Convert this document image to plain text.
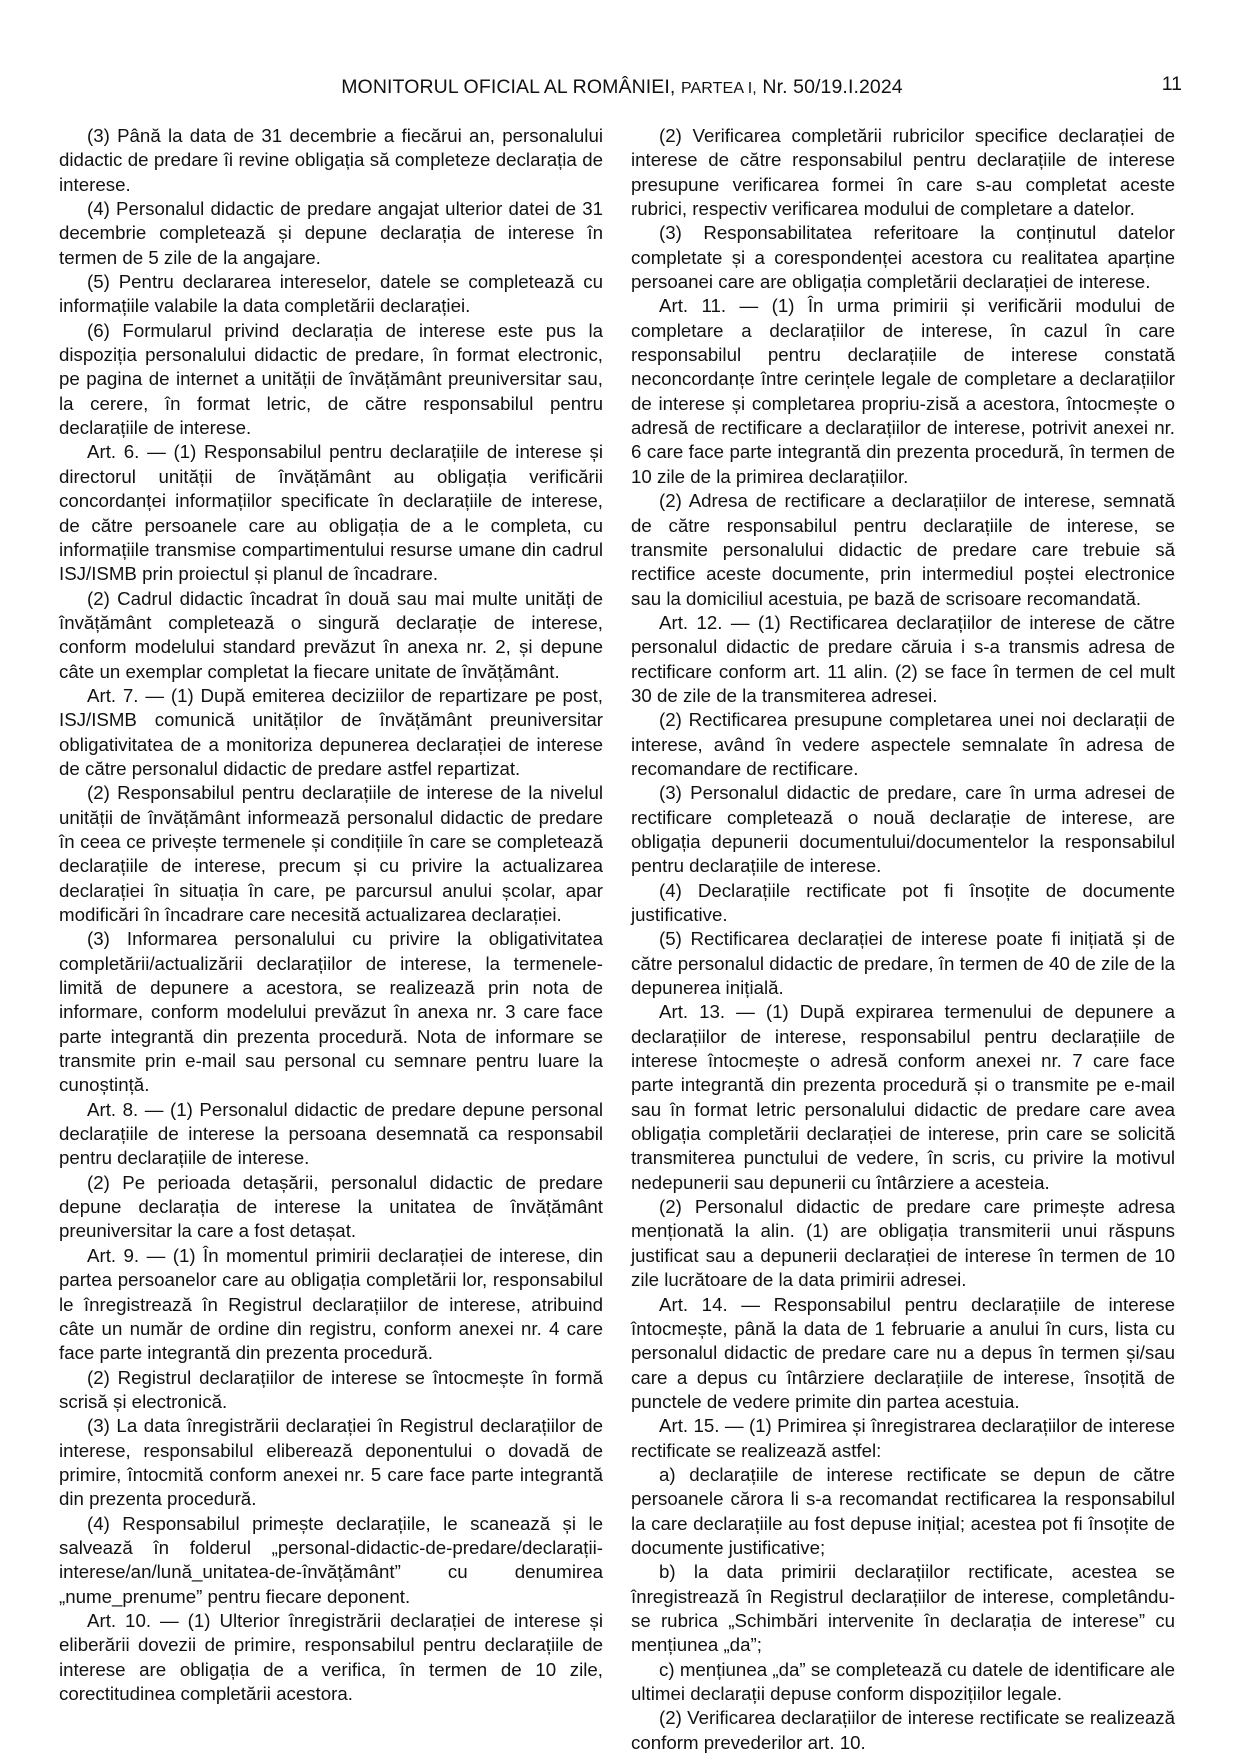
MONITORUL OFICIAL AL ROMÂNIEI, PARTEA I, Nr. 50/19.I.2024	11

(3) Până la data de 31 decembrie a fiecărui an, personalului didactic de predare îi revine obligația să completeze declarația de interese.

(4) Personalul didactic de predare angajat ulterior datei de 31 decembrie completează și depune declarația de interese în termen de 5 zile de la angajare.

(5) Pentru declararea intereselor, datele se completează cu informațiile valabile la data completării declarației.

(6) Formularul privind declarația de interese este pus la dispoziția personalului didactic de predare, în format electronic, pe pagina de internet a unității de învățământ preuniversitar sau, la cerere, în format letric, de către responsabilul pentru declarațiile de interese.

Art. 6. — (1) Responsabilul pentru declarațiile de interese și directorul unității de învățământ au obligația verificării concordanței informațiilor specificate în declarațiile de interese, de către persoanele care au obligația de a le completa, cu informațiile transmise compartimentului resurse umane din cadrul ISJ/ISMB prin proiectul și planul de încadrare.

(2) Cadrul didactic încadrat în două sau mai multe unități de învățământ completează o singură declarație de interese, conform modelului standard prevăzut în anexa nr. 2, și depune câte un exemplar completat la fiecare unitate de învățământ.

Art. 7. — (1) După emiterea deciziilor de repartizare pe post, ISJ/ISMB comunică unităților de învățământ preuniversitar obligativitatea de a monitoriza depunerea declarației de interese de către personalul didactic de predare astfel repartizat.

(2) Responsabilul pentru declarațiile de interese de la nivelul unității de învățământ informează personalul didactic de predare în ceea ce privește termenele și condițiile în care se completează declarațiile de interese, precum și cu privire la actualizarea declarației în situația în care, pe parcursul anului școlar, apar modificări în încadrare care necesită actualizarea declarației.

(3) Informarea personalului cu privire la obligativitatea completării/actualizării declarațiilor de interese, la termenele-limită de depunere a acestora, se realizează prin nota de informare, conform modelului prevăzut în anexa nr. 3 care face parte integrantă din prezenta procedură. Nota de informare se transmite prin e-mail sau personal cu semnare pentru luare la cunoștință.

Art. 8. — (1) Personalul didactic de predare depune personal declarațiile de interese la persoana desemnată ca responsabil pentru declarațiile de interese.

(2) Pe perioada detașării, personalul didactic de predare depune declarația de interese la unitatea de învățământ preuniversitar la care a fost detașat.

Art. 9. — (1) În momentul primirii declarației de interese, din partea persoanelor care au obligația completării lor, responsabilul le înregistrează în Registrul declarațiilor de interese, atribuind câte un număr de ordine din registru, conform anexei nr. 4 care face parte integrantă din prezenta procedură.

(2) Registrul declarațiilor de interese se întocmește în formă scrisă și electronică.

(3) La data înregistrării declarației în Registrul declarațiilor de interese, responsabilul eliberează deponentului o dovadă de primire, întocmită conform anexei nr. 5 care face parte integrantă din prezenta procedură.

(4) Responsabilul primește declarațiile, le scanează și le salvează în folderul „personal-didactic-de-predare/declarații-interese/an/lună_unitatea-de-învățământ” cu denumirea „nume_prenume” pentru fiecare deponent.

Art. 10. — (1) Ulterior înregistrării declarației de interese și eliberării dovezii de primire, responsabilul pentru declarațiile de interese are obligația de a verifica, în termen de 10 zile, corectitudinea completării acestora.

(2) Verificarea completării rubricilor specifice declarației de interese de către responsabilul pentru declarațiile de interese presupune verificarea formei în care s-au completat aceste rubrici, respectiv verificarea modului de completare a datelor.

(3) Responsabilitatea referitoare la conținutul datelor completate și a corespondenței acestora cu realitatea aparține persoanei care are obligația completării declarației de interese.

Art. 11. — (1) În urma primirii și verificării modului de completare a declarațiilor de interese, în cazul în care responsabilul pentru declarațiile de interese constată neconcordanțe între cerințele legale de completare a declarațiilor de interese și completarea propriu-zisă a acestora, întocmește o adresă de rectificare a declarațiilor de interese, potrivit anexei nr. 6 care face parte integrantă din prezenta procedură, în termen de 10 zile de la primirea declarațiilor.

(2) Adresa de rectificare a declarațiilor de interese, semnată de către responsabilul pentru declarațiile de interese, se transmite personalului didactic de predare care trebuie să rectifice aceste documente, prin intermediul poștei electronice sau la domiciliul acestuia, pe bază de scrisoare recomandată.

Art. 12. — (1) Rectificarea declarațiilor de interese de către personalul didactic de predare căruia i s-a transmis adresa de rectificare conform art. 11 alin. (2) se face în termen de cel mult 30 de zile de la transmiterea adresei.

(2) Rectificarea presupune completarea unei noi declarații de interese, având în vedere aspectele semnalate în adresa de recomandare de rectificare.

(3) Personalul didactic de predare, care în urma adresei de rectificare completează o nouă declarație de interese, are obligația depunerii documentului/documentelor la responsabilul pentru declarațiile de interese.

(4) Declarațiile rectificate pot fi însoțite de documente justificative.

(5) Rectificarea declarației de interese poate fi inițiată și de către personalul didactic de predare, în termen de 40 de zile de la depunerea inițială.

Art. 13. — (1) După expirarea termenului de depunere a declarațiilor de interese, responsabilul pentru declarațiile de interese întocmește o adresă conform anexei nr. 7 care face parte integrantă din prezenta procedură și o transmite pe e-mail sau în format letric personalului didactic de predare care avea obligația completării declarației de interese, prin care se solicită transmiterea punctului de vedere, în scris, cu privire la motivul nedepunerii sau depunerii cu întârziere a acesteia.

(2) Personalul didactic de predare care primește adresa menționată la alin. (1) are obligația transmiterii unui răspuns justificat sau a depunerii declarației de interese în termen de 10 zile lucrătoare de la data primirii adresei.

Art. 14. — Responsabilul pentru declarațiile de interese întocmește, până la data de 1 februarie a anului în curs, lista cu personalul didactic de predare care nu a depus în termen și/sau care a depus cu întârziere declarațiile de interese, însoțită de punctele de vedere primite din partea acestuia.

Art. 15. — (1) Primirea și înregistrarea declarațiilor de interese rectificate se realizează astfel:

a) declarațiile de interese rectificate se depun de către persoanele cărora li s-a recomandat rectificarea la responsabilul la care declarațiile au fost depuse inițial; acestea pot fi însoțite de documente justificative;

b) la data primirii declarațiilor rectificate, acestea se înregistrează în Registrul declarațiilor de interese, completându-se rubrica „Schimbări intervenite în declarația de interese” cu mențiunea „da”;

c) mențiunea „da” se completează cu datele de identificare ale ultimei declarații depuse conform dispozițiilor legale.

(2) Verificarea declarațiilor de interese rectificate se realizează conform prevederilor art. 10.
